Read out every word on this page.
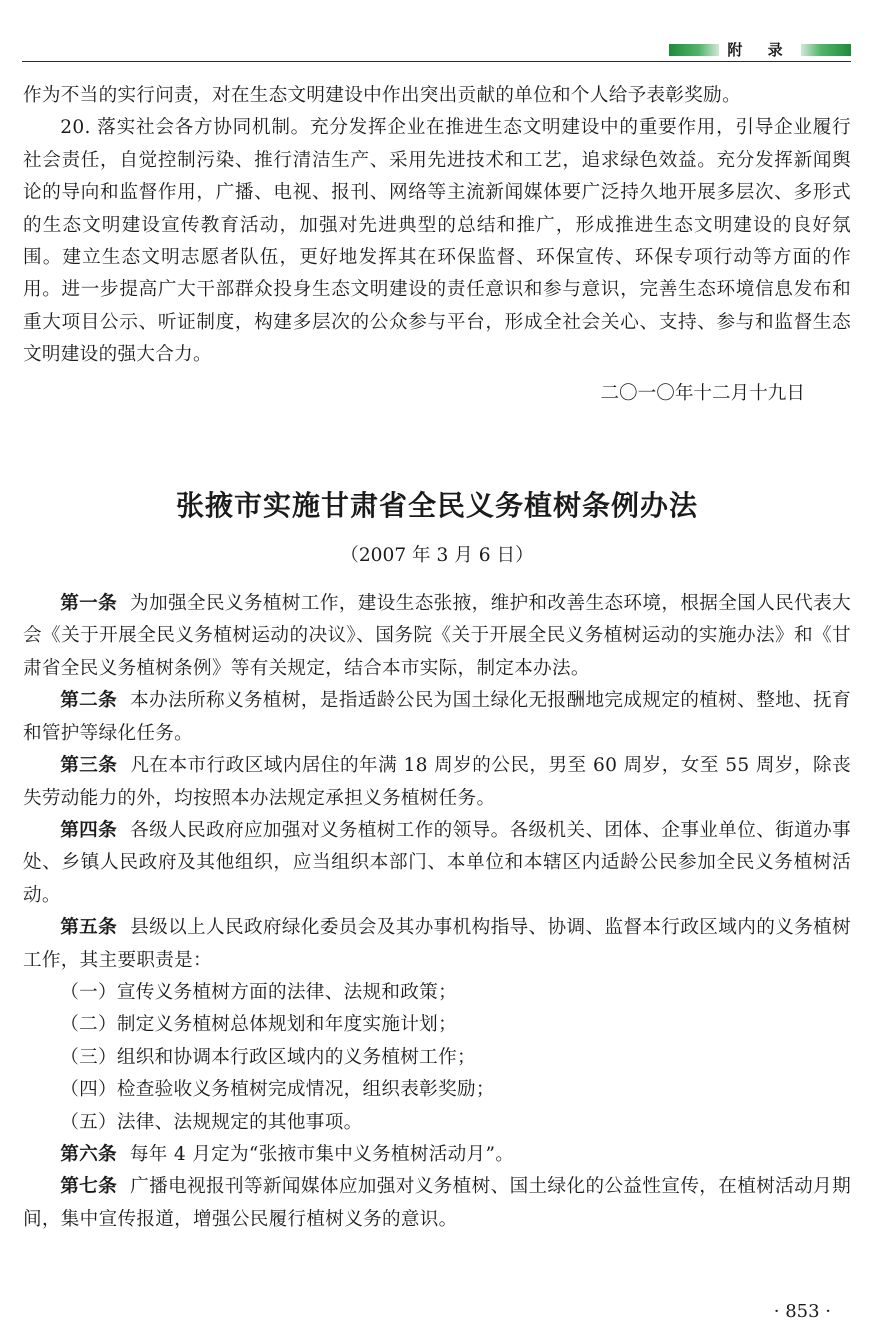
附 录

作为不当的实行问责，对在生态文明建设中作出突出贡献的单位和个人给予表彰奖励。

20. 落实社会各方协同机制。充分发挥企业在推进生态文明建设中的重要作用，引导企业履行社会责任，自觉控制污染、推行清洁生产、采用先进技术和工艺，追求绿色效益。充分发挥新闻舆论的导向和监督作用，广播、电视、报刊、网络等主流新闻媒体要广泛持久地开展多层次、多形式的生态文明建设宣传教育活动，加强对先进典型的总结和推广，形成推进生态文明建设的良好氛围。建立生态文明志愿者队伍，更好地发挥其在环保监督、环保宣传、环保专项行动等方面的作用。进一步提高广大干部群众投身生态文明建设的责任意识和参与意识，完善生态环境信息发布和重大项目公示、听证制度，构建多层次的公众参与平台，形成全社会关心、支持、参与和监督生态文明建设的强大合力。

二〇一〇年十二月十九日

张掖市实施甘肃省全民义务植树条例办法

（2007 年 3 月 6 日）

第一条 为加强全民义务植树工作，建设生态张掖，维护和改善生态环境，根据全国人民代表大会《关于开展全民义务植树运动的决议》、国务院《关于开展全民义务植树运动的实施办法》和《甘肃省全民义务植树条例》等有关规定，结合本市实际，制定本办法。

第二条 本办法所称义务植树，是指适龄公民为国土绿化无报酬地完成规定的植树、整地、抚育和管护等绿化任务。

第三条 凡在本市行政区域内居住的年满 18 周岁的公民，男至 60 周岁，女至 55 周岁，除丧失劳动能力的外，均按照本办法规定承担义务植树任务。

第四条 各级人民政府应加强对义务植树工作的领导。各级机关、团体、企事业单位、街道办事处、乡镇人民政府及其他组织，应当组织本部门、本单位和本辖区内适龄公民参加全民义务植树活动。

第五条 县级以上人民政府绿化委员会及其办事机构指导、协调、监督本行政区域内的义务植树工作，其主要职责是：

（一）宣传义务植树方面的法律、法规和政策；

（二）制定义务植树总体规划和年度实施计划；

（三）组织和协调本行政区域内的义务植树工作；

（四）检查验收义务植树完成情况，组织表彰奖励；

（五）法律、法规规定的其他事项。

第六条 每年 4 月定为“张掖市集中义务植树活动月”。

第七条 广播电视报刊等新闻媒体应加强对义务植树、国土绿化的公益性宣传，在植树活动月期间，集中宣传报道，增强公民履行植树义务的意识。

· 853 ·
